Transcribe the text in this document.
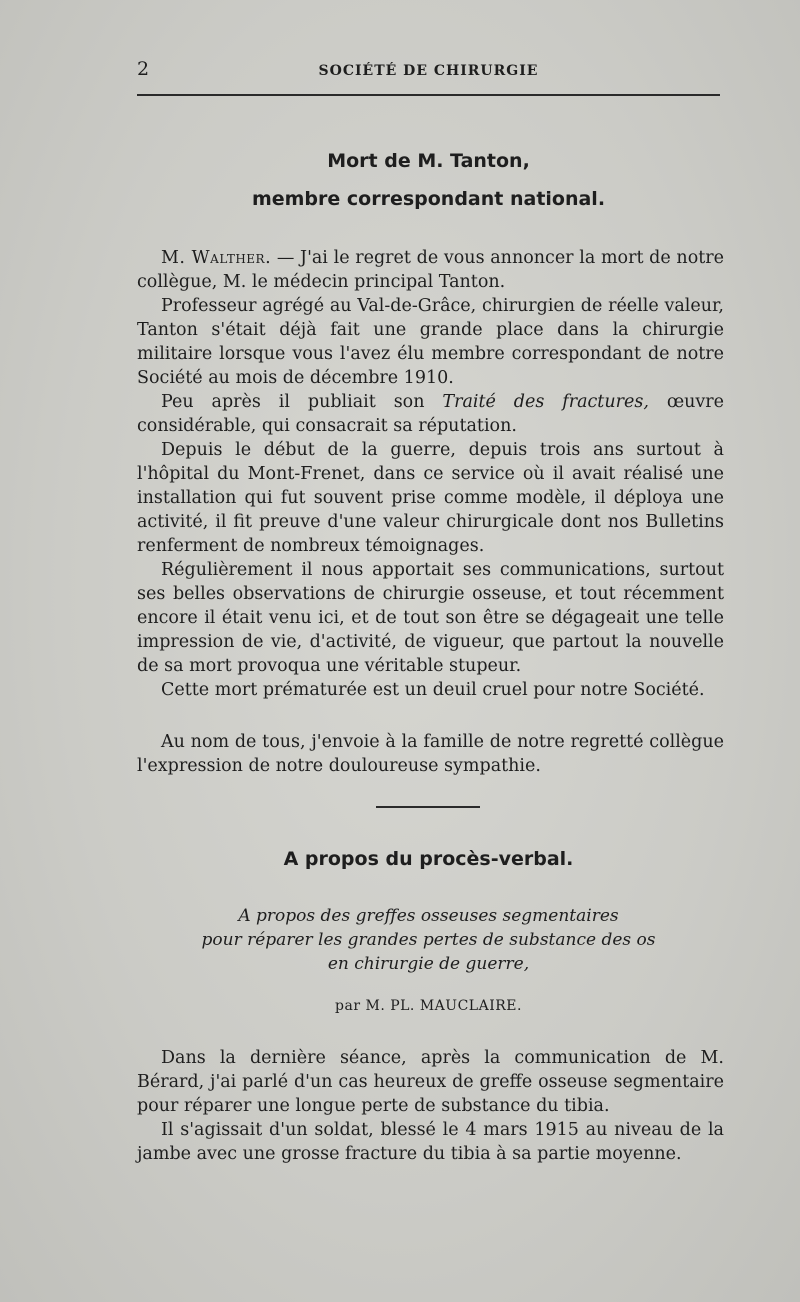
2	SOCIÉTÉ DE CHIRURGIE
Mort de M. Tanton,
membre correspondant national.

M. Walther. — J'ai le regret de vous annoncer la mort de notre collègue, M. le médecin principal Tanton.

Professeur agrégé au Val-de-Grâce, chirurgien de réelle valeur, Tanton s'était déjà fait une grande place dans la chirurgie militaire lorsque vous l'avez élu membre correspondant de notre Société au mois de décembre 1910.

Peu après il publiait son Traité des fractures, œuvre considérable, qui consacrait sa réputation.

Depuis le début de la guerre, depuis trois ans surtout à l'hôpital du Mont-Frenet, dans ce service où il avait réalisé une installation qui fut souvent prise comme modèle, il déploya une activité, il fit preuve d'une valeur chirurgicale dont nos Bulletins renferment de nombreux témoignages.

Régulièrement il nous apportait ses communications, surtout ses belles observations de chirurgie osseuse, et tout récemment encore il était venu ici, et de tout son être se dégageait une telle impression de vie, d'activité, de vigueur, que partout la nouvelle de sa mort provoqua une véritable stupeur.

Cette mort prématurée est un deuil cruel pour notre Société.

Au nom de tous, j'envoie à la famille de notre regretté collègue l'expression de notre douloureuse sympathie.

A propos du procès-verbal.
A propos des greffes osseuses segmentaires
pour réparer les grandes pertes de substance des os
en chirurgie de guerre,
par M. PL. MAUCLAIRE.

Dans la dernière séance, après la communication de M. Bérard, j'ai parlé d'un cas heureux de greffe osseuse segmentaire pour réparer une longue perte de substance du tibia.

Il s'agissait d'un soldat, blessé le 4 mars 1915 au niveau de la jambe avec une grosse fracture du tibia à sa partie moyenne.
